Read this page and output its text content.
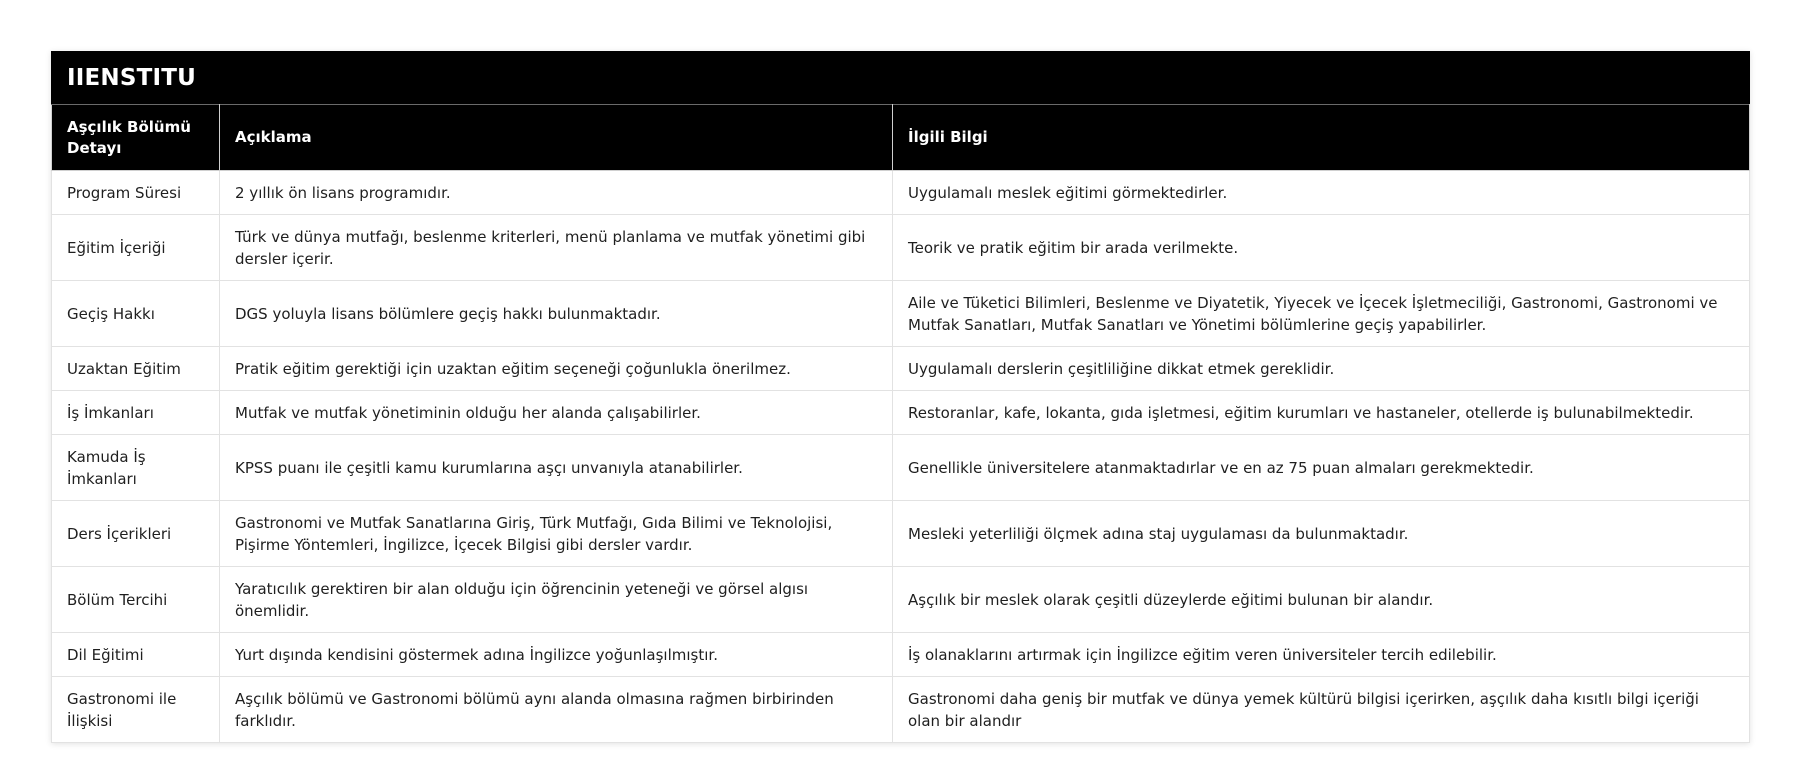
IIENSTITU
Aşçılık Bölümü Detayı	Açıklama	İlgili Bilgi
Program Süresi	2 yıllık ön lisans programıdır.	Uygulamalı meslek eğitimi görmektedirler.
Eğitim İçeriği	Türk ve dünya mutfağı, beslenme kriterleri, menü planlama ve mutfak yönetimi gibi dersler içerir.	Teorik ve pratik eğitim bir arada verilmekte.
Geçiş Hakkı	DGS yoluyla lisans bölümlere geçiş hakkı bulunmaktadır.	Aile ve Tüketici Bilimleri, Beslenme ve Diyatetik, Yiyecek ve İçecek İşletmeciliği, Gastronomi, Gastronomi ve Mutfak Sanatları, Mutfak Sanatları ve Yönetimi bölümlerine geçiş yapabilirler.
Uzaktan Eğitim	Pratik eğitim gerektiği için uzaktan eğitim seçeneği çoğunlukla önerilmez.	Uygulamalı derslerin çeşitliliğine dikkat etmek gereklidir.
İş İmkanları	Mutfak ve mutfak yönetiminin olduğu her alanda çalışabilirler.	Restoranlar, kafe, lokanta, gıda işletmesi, eğitim kurumları ve hastaneler, otellerde iş bulunabilmektedir.
Kamuda İş İmkanları	KPSS puanı ile çeşitli kamu kurumlarına aşçı unvanıyla atanabilirler.	Genellikle üniversitelere atanmaktadırlar ve en az 75 puan almaları gerekmektedir.
Ders İçerikleri	Gastronomi ve Mutfak Sanatlarına Giriş, Türk Mutfağı, Gıda Bilimi ve Teknolojisi, Pişirme Yöntemleri, İngilizce, İçecek Bilgisi gibi dersler vardır.	Mesleki yeterliliği ölçmek adına staj uygulaması da bulunmaktadır.
Bölüm Tercihi	Yaratıcılık gerektiren bir alan olduğu için öğrencinin yeteneği ve görsel algısı önemlidir.	Aşçılık bir meslek olarak çeşitli düzeylerde eğitimi bulunan bir alandır.
Dil Eğitimi	Yurt dışında kendisini göstermek adına İngilizce yoğunlaşılmıştır.	İş olanaklarını artırmak için İngilizce eğitim veren üniversiteler tercih edilebilir.
Gastronomi ile İlişkisi	Aşçılık bölümü ve Gastronomi bölümü aynı alanda olmasına rağmen birbirinden farklıdır.	Gastronomi daha geniş bir mutfak ve dünya yemek kültürü bilgisi içerirken, aşçılık daha kısıtlı bilgi içeriği olan bir alandır
